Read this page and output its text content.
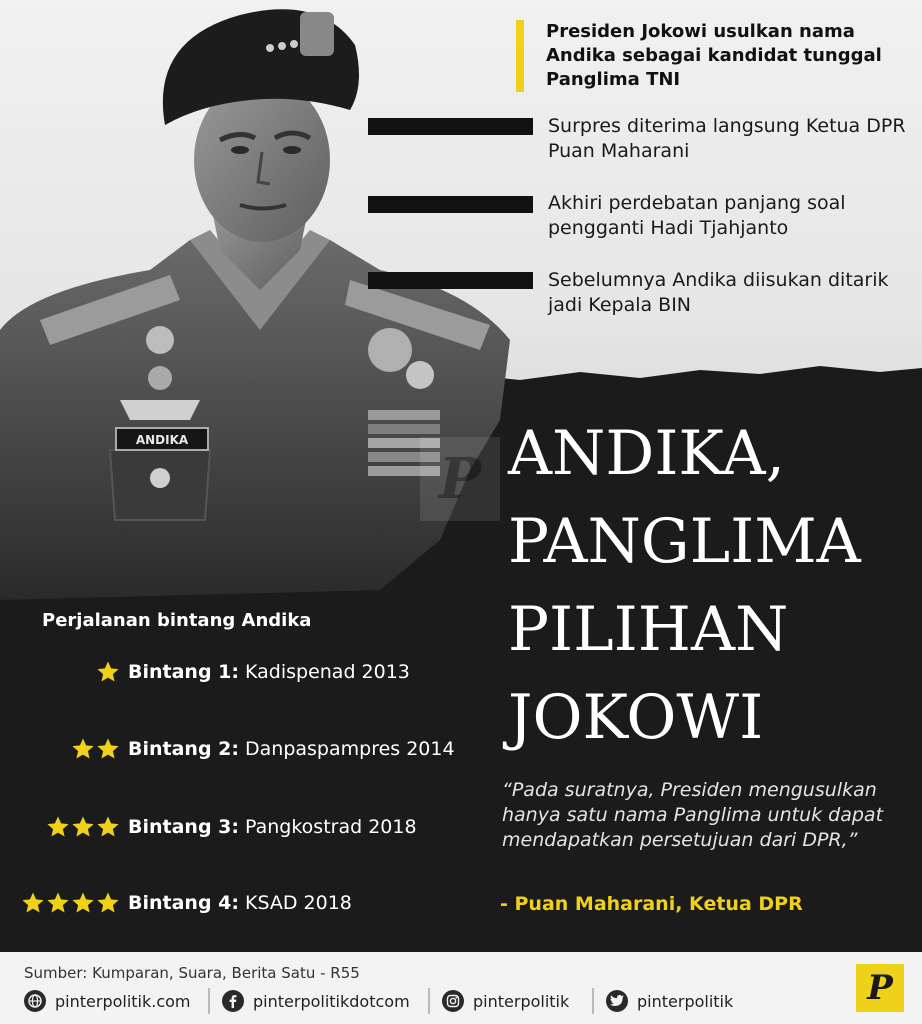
ANDIKA
Presiden Jokowi usulkan nama Andika sebagai kandidat tunggal Panglima TNI
Surpres diterima langsung Ketua DPR Puan Maharani
Akhiri perdebatan panjang soal pengganti Hadi Tjahjanto
Sebelumnya Andika diisukan ditarik jadi Kepala BIN
P ANDIKA,
PANGLIMA
PILIHAN
JOKOWI
“Pada suratnya, Presiden mengusulkan hanya satu nama Panglima untuk dapat mendapatkan persetujuan dari DPR,”
- Puan Maharani, Ketua DPR
Perjalanan bintang Andika
Bintang 1: Kadispenad 2013
Bintang 2: Danpaspampres 2014
Bintang 3: Pangkostrad 2018
Bintang 4: KSAD 2018
Sumber: Kumparan, Suara, Berita Satu - R55
pinterpolitik.com	pinterpolitikdotcom	pinterpolitik	pinterpolitik	P
